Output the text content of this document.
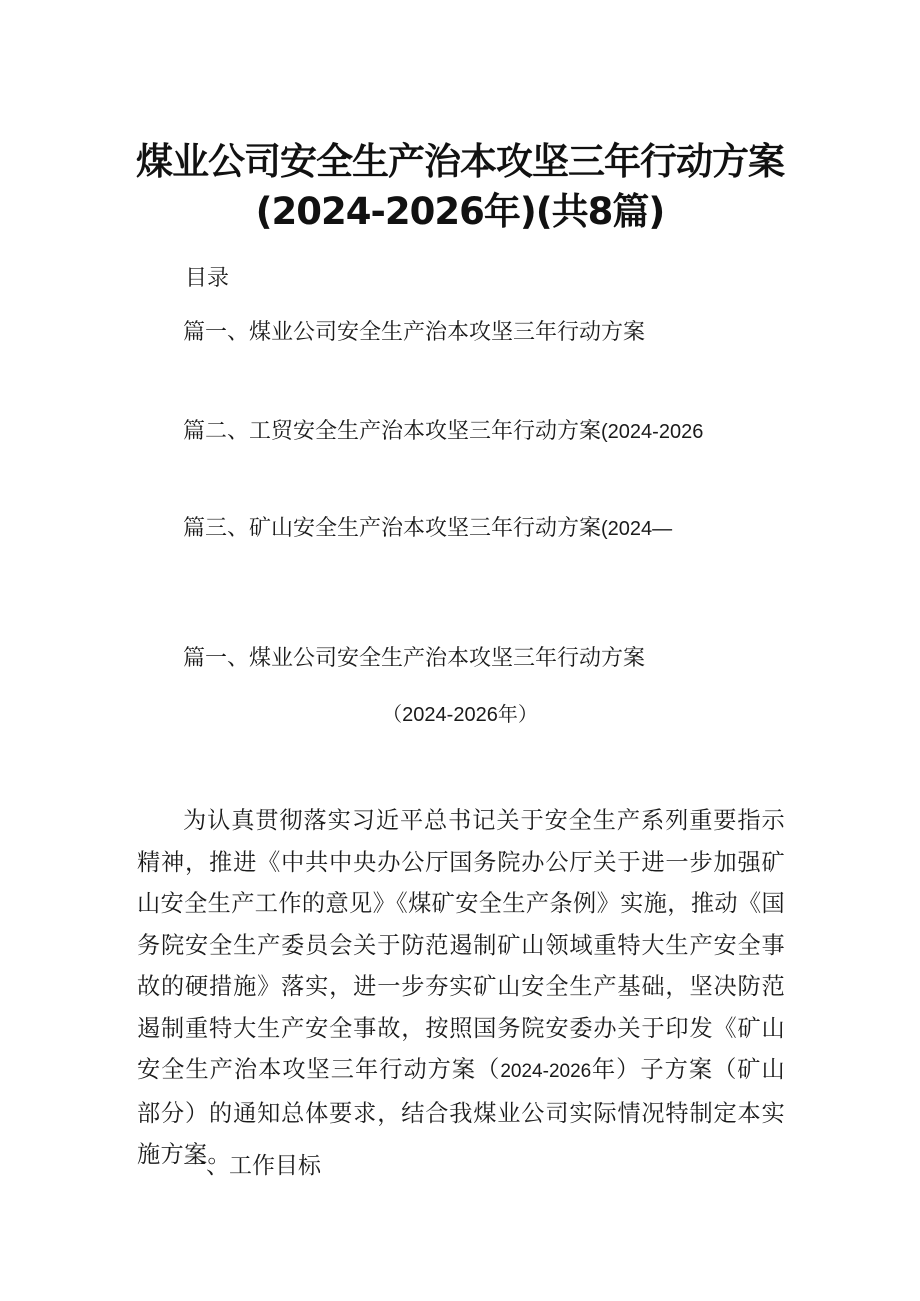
煤业公司安全生产治本攻坚三年行动方案
(2024-2026年)(共8篇)
目录
篇一、煤业公司安全生产治本攻坚三年行动方案
篇二、工贸安全生产治本攻坚三年行动方案(2024-2026
篇三、矿山安全生产治本攻坚三年行动方案(2024—
篇一、煤业公司安全生产治本攻坚三年行动方案
（2024-2026年）
为认真贯彻落实习近平总书记关于安全生产系列重要指示精神，推进《中共中央办公厅国务院办公厅关于进一步加强矿山安全生产工作的意见》《煤矿安全生产条例》实施，推动《国务院安全生产委员会关于防范遏制矿山领域重特大生产安全事故的硬措施》落实，进一步夯实矿山安全生产基础，坚决防范遏制重特大生产安全事故，按照国务院安委办关于印发《矿山安全生产治本攻坚三年行动方案（2024-2026年）子方案（矿山部分）的通知总体要求，结合我煤业公司实际情况特制定本实施方案。
一、工作目标
